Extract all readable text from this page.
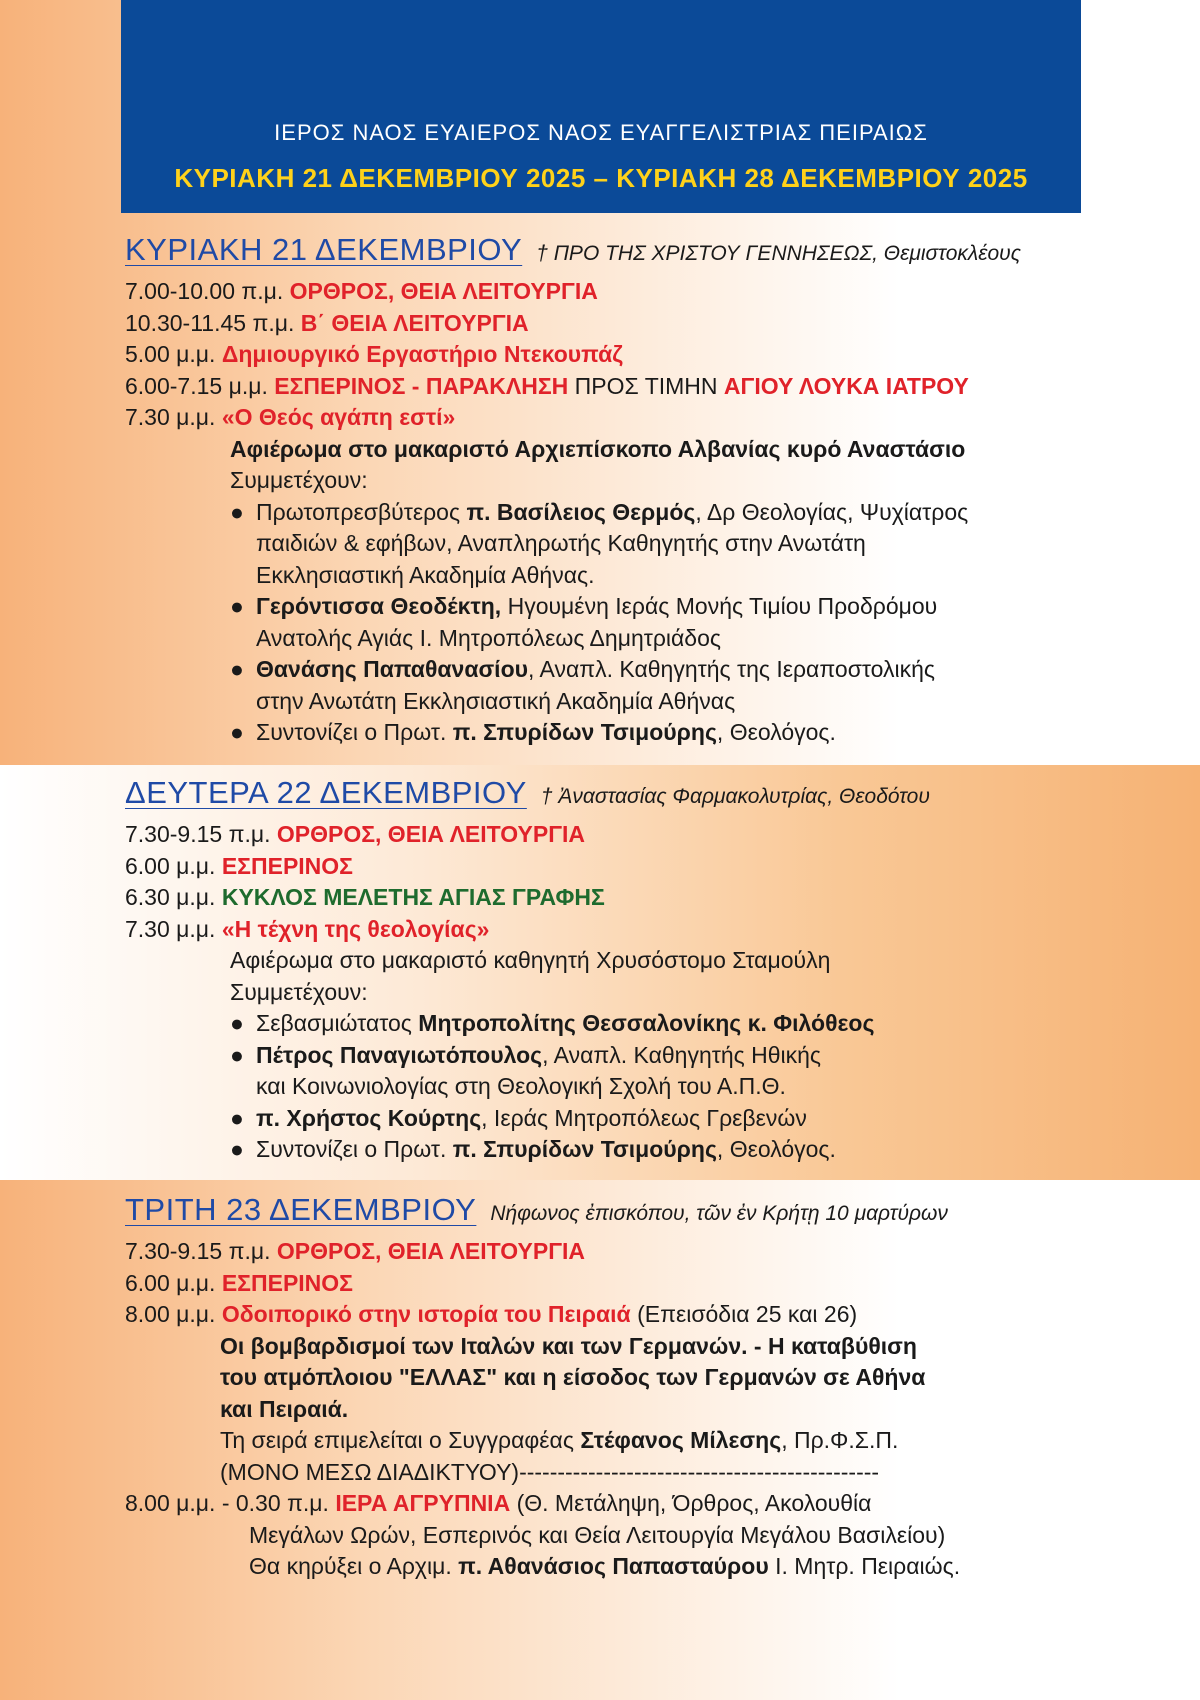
ΙΕΡΟΣ ΝΑΟΣ ΕΥΑΙΕΡΟΣ ΝΑΟΣ ΕΥΑΓΓΕΛΙΣΤΡΙΑΣ ΠΕΙΡΑΙΩΣ
ΚΥΡΙΑΚΗ 21 ΔΕΚΕΜΒΡΙΟΥ 2025 – ΚΥΡΙΑΚΗ 28 ΔΕΚΕΜΒΡΙΟΥ 2025
ΚΥΡΙΑΚΗ 21 ΔΕΚΕΜΒΡΙΟΥ † ΠΡΟ ΤΗΣ ΧΡΙΣΤΟΥ ΓΕΝΝΗΣΕΩΣ, Θεμιστοκλέους
7.00-10.00 π.μ. ΟΡΘΡΟΣ, ΘΕΙΑ ΛΕΙΤΟΥΡΓΙΑ
10.30-11.45 π.μ. Β΄ ΘΕΙΑ ΛΕΙΤΟΥΡΓΙΑ
5.00 μ.μ. Δημιουργικό Εργαστήριο Ντεκουπάζ
6.00-7.15 μ.μ. ΕΣΠΕΡΙΝΟΣ - ΠΑΡΑΚΛΗΣΗ ΠΡΟΣ ΤΙΜΗΝ ΑΓΙΟΥ ΛΟΥΚΑ ΙΑΤΡΟΥ
7.30 μ.μ. «Ο Θεός αγάπη εστί»
Αφιέρωμα στο μακαριστό Αρχιεπίσκοπο Αλβανίας κυρό Αναστάσιο
Συμμετέχουν:
● Πρωτοπρεσβύτερος π. Βασίλειος Θερμός, Δρ Θεολογίας, Ψυχίατρος
παιδιών & εφήβων, Αναπληρωτής Καθηγητής στην Ανωτάτη
Εκκλησιαστική Ακαδημία Αθήνας.
● Γερόντισσα Θεοδέκτη, Ηγουμένη Ιεράς Μονής Τιμίου Προδρόμου
Ανατολής Αγιάς Ι. Μητροπόλεως Δημητριάδος
● Θανάσης Παπαθανασίου, Αναπλ. Καθηγητής της Ιεραποστολικής
στην Ανωτάτη Εκκλησιαστική Ακαδημία Αθήνας
● Συντονίζει ο Πρωτ. π. Σπυρίδων Τσιμούρης, Θεολόγος.
ΔΕΥΤΕΡΑ 22 ΔΕΚΕΜΒΡΙΟΥ † Ἀναστασίας Φαρμακολυτρίας, Θεοδότου
7.30-9.15 π.μ. ΟΡΘΡΟΣ, ΘΕΙΑ ΛΕΙΤΟΥΡΓΙΑ
6.00 μ.μ. ΕΣΠΕΡΙΝΟΣ
6.30 μ.μ. ΚΥΚΛΟΣ ΜΕΛΕΤΗΣ ΑΓΙΑΣ ΓΡΑΦΗΣ
7.30 μ.μ. «Η τέχνη της θεολογίας»
Αφιέρωμα στο μακαριστό καθηγητή Χρυσόστομο Σταμούλη
Συμμετέχουν:
● Σεβασμιώτατος Μητροπολίτης Θεσσαλονίκης κ. Φιλόθεος
● Πέτρος Παναγιωτόπουλος, Αναπλ. Καθηγητής Ηθικής
και Κοινωνιολογίας στη Θεολογική Σχολή του Α.Π.Θ.
● π. Χρήστος Κούρτης, Ιεράς Μητροπόλεως Γρεβενών
● Συντονίζει ο Πρωτ. π. Σπυρίδων Τσιμούρης, Θεολόγος.
ΤΡΙΤΗ 23 ΔΕΚΕΜΒΡΙΟΥ Νήφωνος ἐπισκόπου, τῶν ἐν Κρήτῃ 10 μαρτύρων
7.30-9.15 π.μ. ΟΡΘΡΟΣ, ΘΕΙΑ ΛΕΙΤΟΥΡΓΙΑ
6.00 μ.μ. ΕΣΠΕΡΙΝΟΣ
8.00 μ.μ. Οδοιπορικό στην ιστορία του Πειραιά (Επεισόδια 25 και 26)
Οι βομβαρδισμοί των Ιταλών και των Γερμανών. - Η καταβύθιση
του ατμόπλοιου "ΕΛΛΑΣ" και η είσοδος των Γερμανών σε Αθήνα
και Πειραιά.
Τη σειρά επιμελείται ο Συγγραφέας Στέφανος Μίλεσης, Πρ.Φ.Σ.Π.
(ΜΟΝΟ ΜΕΣΩ ΔΙΑΔΙΚΤΥΟΥ)-----------------------------------------------
8.00 μ.μ. - 0.30 π.μ. ΙΕΡΑ ΑΓΡΥΠΝΙΑ (Θ. Μετάληψη, Όρθρος, Ακολουθία
Μεγάλων Ωρών, Εσπερινός και Θεία Λειτουργία Μεγάλου Βασιλείου)
Θα κηρύξει ο Αρχιμ. π. Αθανάσιος Παπασταύρου Ι. Μητρ. Πειραιώς.
